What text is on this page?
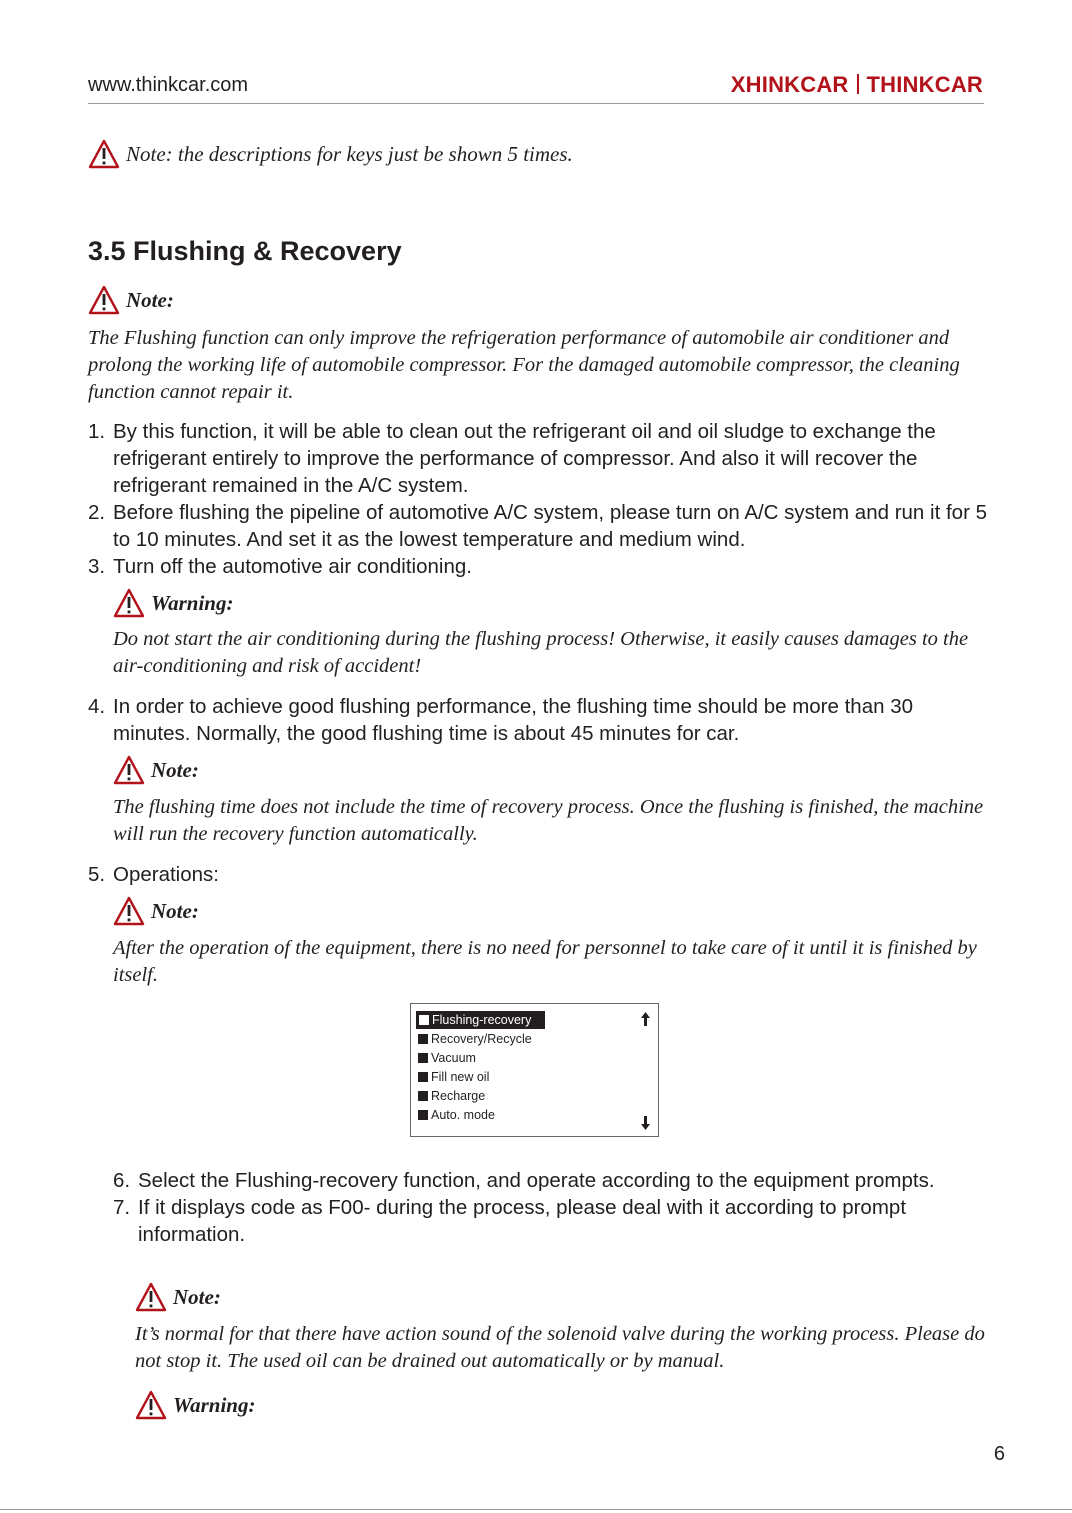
www.thinkcar.com	XHINKCAR THINKCAR
Note: the descriptions for keys just be shown 5 times.
3.5 Flushing & Recovery
Note:
The Flushing function can only improve the refrigeration performance of automobile air conditioner and prolong the working life of automobile compressor. For the damaged automobile compressor, the cleaning function cannot repair it.
1. By this function, it will be able to clean out the refrigerant oil and oil sludge to exchange the refrigerant entirely to improve the performance of compressor. And also it will recover the refrigerant remained in the A/C system.
2. Before flushing the pipeline of automotive A/C system, please turn on A/C system and run it for 5 to 10 minutes. And set it as the lowest temperature and medium wind.
3. Turn off the automotive air conditioning.
Warning:
Do not start the air conditioning during the flushing process! Otherwise, it easily causes damages to the air-conditioning and risk of accident!
4. In order to achieve good flushing performance, the flushing time should be more than 30 minutes. Normally, the good flushing time is about 45 minutes for car.
Note:
The flushing time does not include the time of recovery process. Once the flushing is finished, the machine will run the recovery function automatically.
5. Operations:
Note:
After the operation of the equipment, there is no need for personnel to take care of it until it is finished by itself.
Flushing-recovery
Recovery/Recycle
Vacuum
Fill new oil
Recharge
Auto. mode
6. Select the Flushing-recovery function, and operate according to the equipment prompts.
7. If it displays code as F00- during the process, please deal with it according to prompt information.
Note:
It’s normal for that there have action sound of the solenoid valve during the working process. Please do not stop it. The used oil can be drained out automatically or by manual.
Warning:
6
